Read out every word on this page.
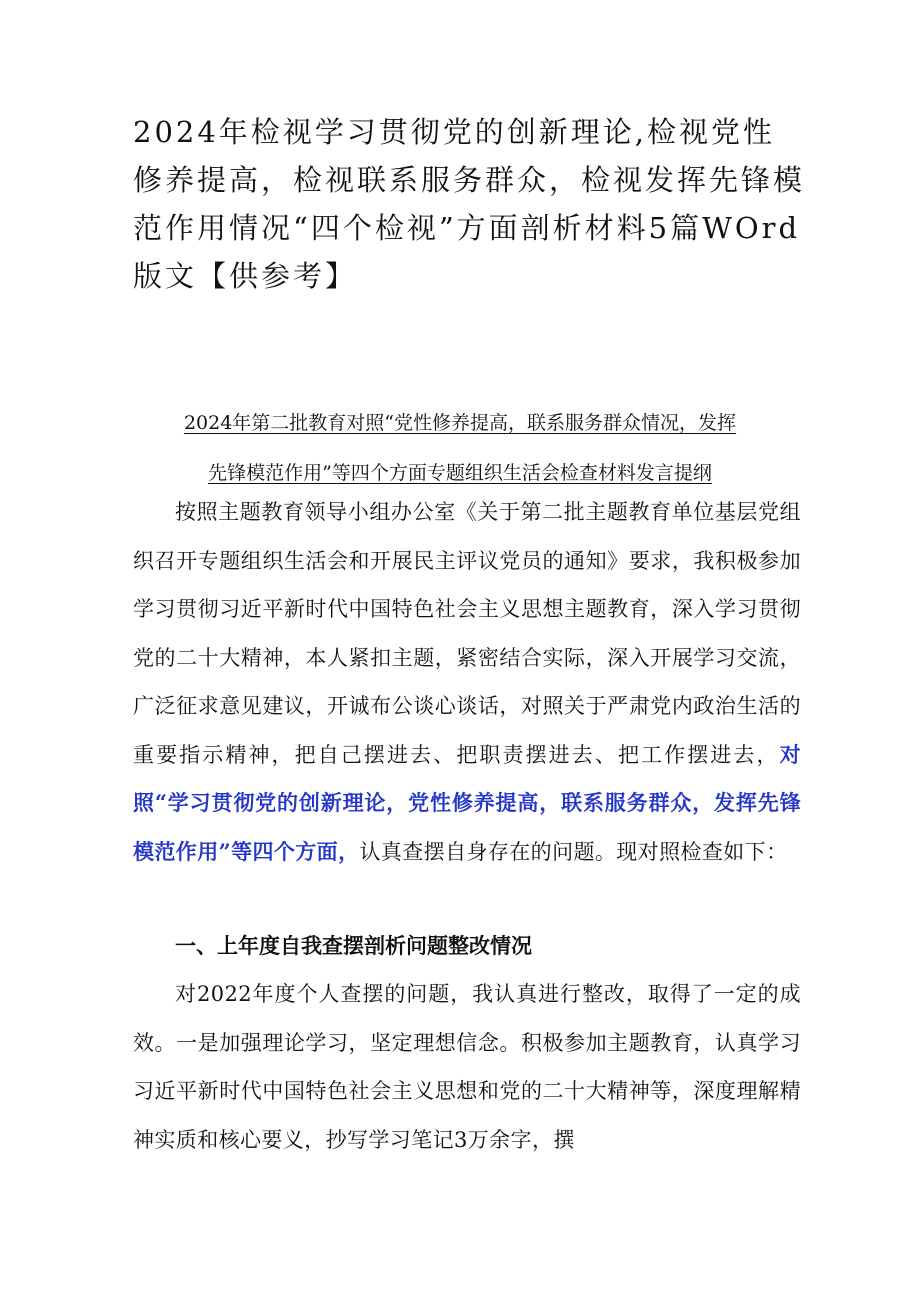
2024年检视学习贯彻党的创新理论,检视党性修养提高，检视联系服务群众，检视发挥先锋模范作用情况“四个检视”方面剖析材料5篇WOrd版文【供参考】
2024年第二批教育对照“党性修养提高，联系服务群众情况，发挥
先锋模范作用”等四个方面专题组织生活会检查材料发言提纲

按照主题教育领导小组办公室《关于第二批主题教育单位基层党组织召开专题组织生活会和开展民主评议党员的通知》要求，我积极参加学习贯彻习近平新时代中国特色社会主义思想主题教育，深入学习贯彻党的二十大精神，本人紧扣主题，紧密结合实际，深入开展学习交流，广泛征求意见建议，开诚布公谈心谈话，对照关于严肃党内政治生活的重要指示精神，把自己摆进去、把职责摆进去、把工作摆进去，对照“学习贯彻党的创新理论，党性修养提高，联系服务群众，发挥先锋模范作用”等四个方面，认真查摆自身存在的问题。现对照检查如下：

一、上年度自我查摆剖析问题整改情况

对2022年度个人查摆的问题，我认真进行整改，取得了一定的成效。一是加强理论学习，坚定理想信念。积极参加主题教育，认真学习习近平新时代中国特色社会主义思想和党的二十大精神等，深度理解精神实质和核心要义，抄写学习笔记3万余字，撰
